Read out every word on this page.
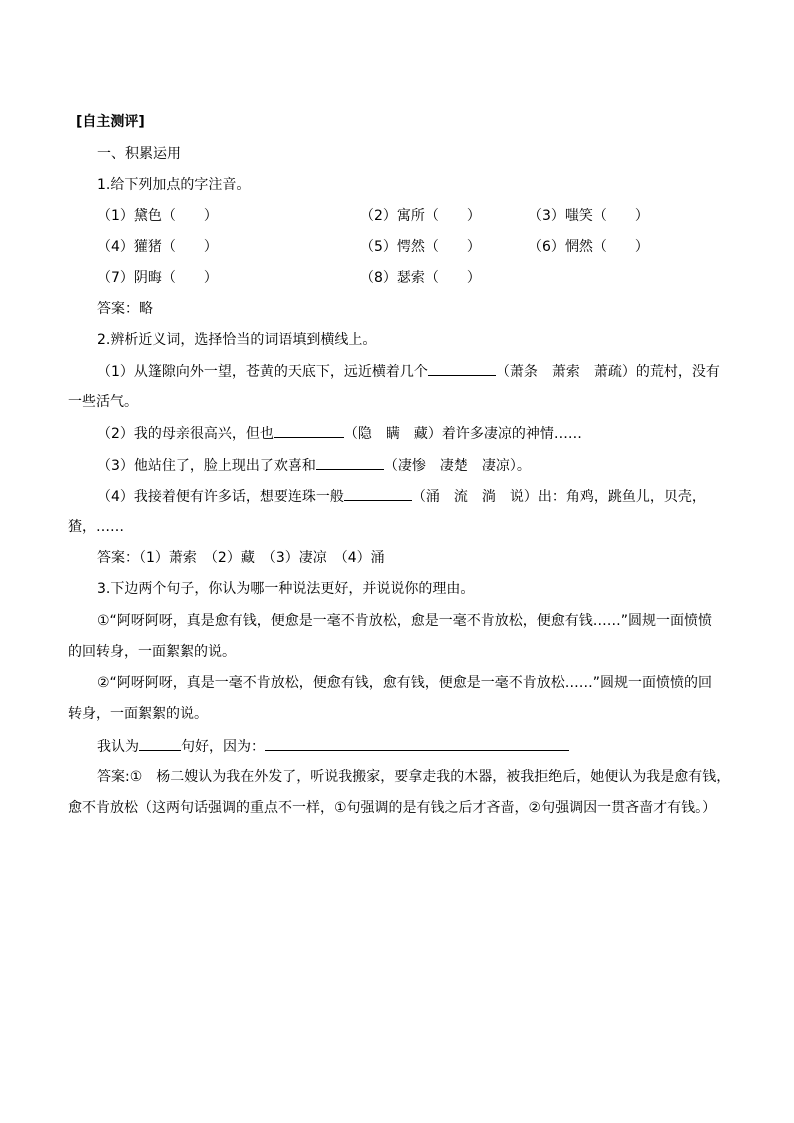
[自主测评]
一、积累运用
1.给下列加点的字注音。
（1）黛色（　　）	（2）寓所（　　）	（3）嗤笑（　　）
（4）獾猪（　　）	（5）愕然（　　）	（6）惘然（　　）
（7）阴晦（　　）	（8）瑟索（　　）
答案：略
2.辨析近义词，选择恰当的词语填到横线上。
（1）从篷隙向外一望，苍黄的天底下，远近横着几个	（萧条　萧索　萧疏）的荒村，没有
一些活气。
（2）我的母亲很高兴，但也	（隐　瞒　藏）着许多凄凉的神情……
（3）他站住了，脸上现出了欢喜和	（凄惨　凄楚　凄凉）。
（4）我接着便有许多话，想要连珠一般	（涌　流　淌　说）出：角鸡，跳鱼儿，贝壳，
猹，……
答案：（1）萧索　（2）藏　（3）凄凉　（4）涌
3.下边两个句子，你认为哪一种说法更好，并说说你的理由。
①“阿呀阿呀，真是愈有钱，便愈是一毫不肯放松，愈是一毫不肯放松，便愈有钱……”圆规一面愤愤
的回转身，一面絮絮的说。
②“阿呀阿呀，真是一毫不肯放松，便愈有钱，愈有钱，便愈是一毫不肯放松……”圆规一面愤愤的回
转身，一面絮絮的说。
我认为	句好，因为：
答案:①　杨二嫂认为我在外发了，听说我搬家，要拿走我的木器，被我拒绝后，她便认为我是愈有钱，
愈不肯放松（这两句话强调的重点不一样，①句强调的是有钱之后才吝啬，②句强调因一贯吝啬才有钱。）
